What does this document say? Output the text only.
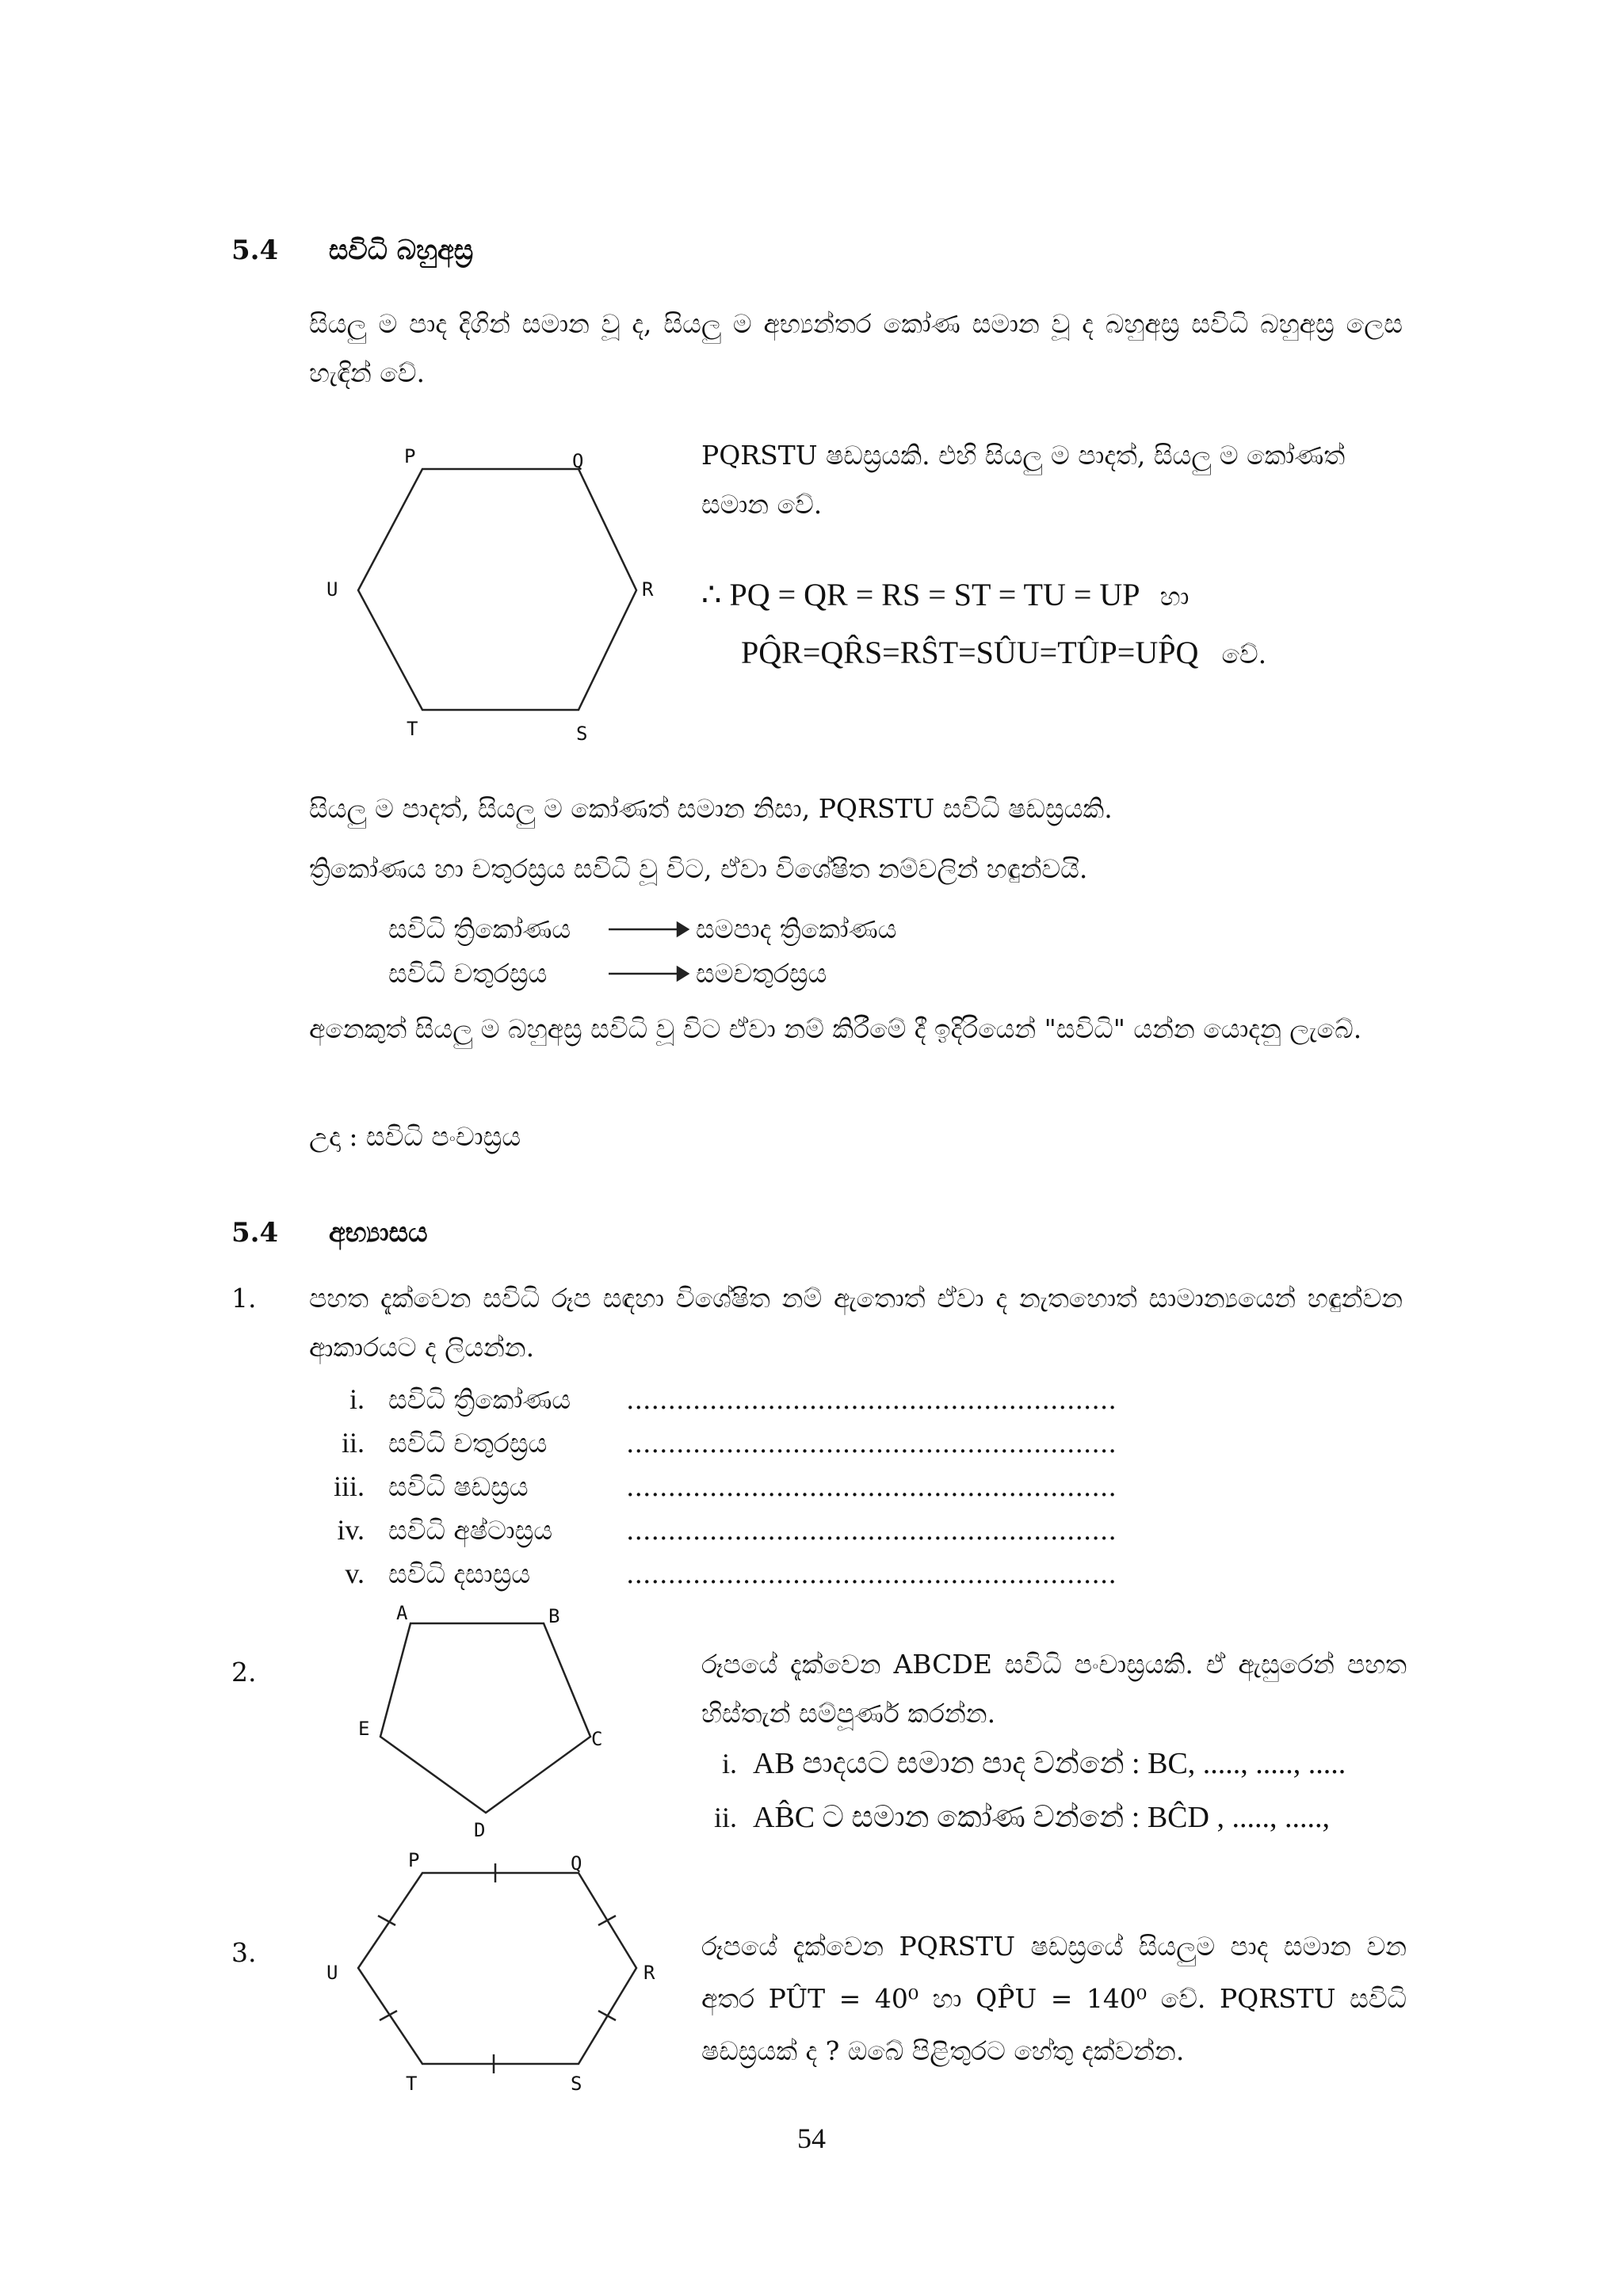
5.4 සවිධි බහුඅස්‍ර
සියලු ම පාද දිගින් සමාන වූ ද, සියලු ම අභ්‍යන්තර කෝණ සමාන වූ ද බහුඅස්‍ර සවිධි බහුඅස්‍ර ලෙස හැඳින් වේ.
P	Q
R
S
T
U
PQRSTU ෂඩස්‍රයකි. එහි සියලු ම පාදත්, සියලු ම කෝණත් සමාන වේ.
∴ PQ = QR = RS = ST = TU = UP හා
PQ̂R=QR̂S=RŜT=SÛU=TÛP=UP̂Q වේ.
සියලු ම පාදත්, සියලු ම කෝණත් සමාන නිසා, PQRSTU සවිධි ෂඩස්‍රයකි.
ත්‍රිකෝණය හා චතුරස්‍රය සවිධි වූ විට, ඒවා විශේෂිත නම්වලින් හඳුන්වයි.
සවිධි ත්‍රිකෝණය	සමපාද ත්‍රිකෝණය
සවිධි චතුරස්‍රය	සමචතුරස්‍රය
අනෙකුත් සියලු ම බහුඅස්‍ර සවිධි වූ විට ඒවා නම් කිරීමේ දී ඉදිරියෙන් "සවිධි" යන්න යොදනු ලැබේ.
උදා : සවිධි පංචාස්‍රය
5.4 අභ්‍යාසය
1. පහත දැක්වෙන සවිධි රූප සඳහා විශේෂිත නම් ඇතොත් ඒවා ද නැතහොත් සාමාන්‍යයෙන් හඳුන්වන ආකාරයට ද ලියන්න.
i. සවිධි ත්‍රිකෝණය ...........................................................
ii. සවිධි චතුරස්‍රය	...........................................................
iii. සවිධි ෂඩස්‍රය	...........................................................
iv. සවිධි අෂ්ටාස්‍රය	...........................................................
v. සවිධි දසාස්‍රය	...........................................................
2.
A	B
C
D
E
රූපයේ දැක්වෙන ABCDE සවිධි පංචාස්‍රයකි. ඒ ඇසුරෙන් පහත හිස්තැන් සම්පූර්ණ කරන්න.
i. AB පාදයට සමාන පාද වන්නේ : BC, ....., ....., .....
ii. AB̂C ට සමාන කෝණ වන්නේ : BĈD , ....., .....,
3.
P	Q
R
S
T
U
රූපයේ දැක්වෙන PQRSTU ෂඩස්‍රයේ සියලුම පාද සමාන වන අතර PÛT = 40⁰ හා QP̂U = 140⁰ වේ. PQRSTU සවිධි ෂඩස්‍රයක් ද ? ඔබේ පිළිතුරට හේතු දක්වන්න.
54
